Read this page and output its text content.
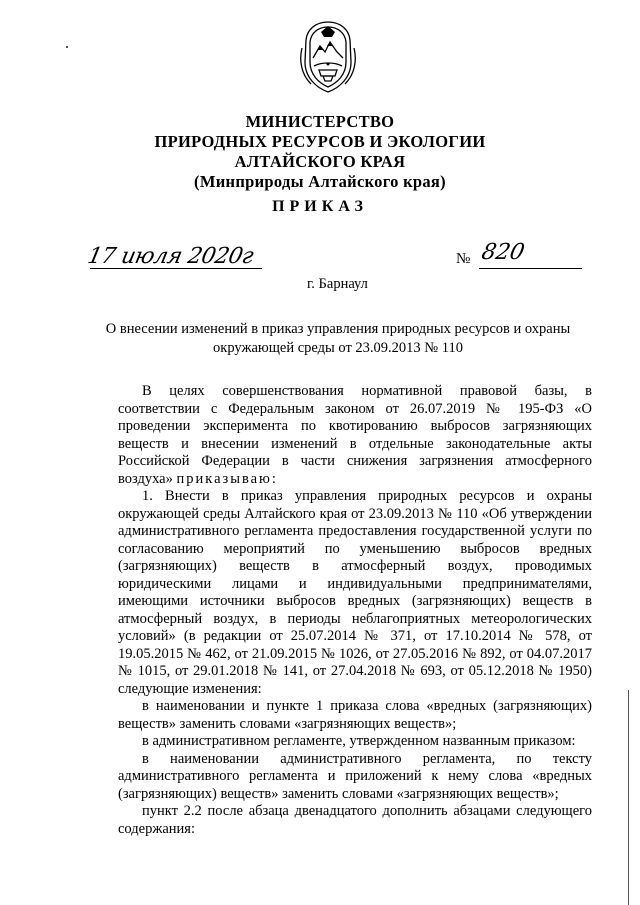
МИНИСТЕРСТВО
ПРИРОДНЫХ РЕСУРСОВ И ЭКОЛОГИИ
АЛТАЙСКОГО КРАЯ
(Минприроды Алтайского края)
ПРИКАЗ
17 июля 2020г	№ 820
г. Барнаул
О внесении изменений в приказ управления природных ресурсов и охраны окружающей среды от 23.09.2013 № 110

В целях совершенствования нормативной правовой базы, в соответствии с Федеральным законом от 26.07.2019 № 195-ФЗ «О проведении эксперимента по квотированию выбросов загрязняющих веществ и внесении изменений в отдельные законодательные акты Российской Федерации в части снижения загрязнения атмосферного воздуха» приказываю:

1. Внести в приказ управления природных ресурсов и охраны окружающей среды Алтайского края от 23.09.2013 № 110 «Об утверждении административного регламента предоставления государственной услуги по согласованию мероприятий по уменьшению выбросов вредных (загрязняющих) веществ в атмосферный воздух, проводимых юридическими лицами и индивидуальными предпринимателями, имеющими источники выбросов вредных (загрязняющих) веществ в атмосферный воздух, в периоды неблагоприятных метеорологических условий» (в редакции от 25.07.2014 № 371, от 17.10.2014 № 578, от 19.05.2015 № 462, от 21.09.2015 № 1026, от 27.05.2016 № 892, от 04.07.2017 № 1015, от 29.01.2018 № 141, от 27.04.2018 № 693, от 05.12.2018 № 1950) следующие изменения:

в наименовании и пункте 1 приказа слова «вредных (загрязняющих) веществ» заменить словами «загрязняющих веществ»;

в административном регламенте, утвержденном названным приказом:

в наименовании административного регламента, по тексту административного регламента и приложений к нему слова «вредных (загрязняющих) веществ» заменить словами «загрязняющих веществ»;

пункт 2.2 после абзаца двенадцатого дополнить абзацами следующего содержания:
